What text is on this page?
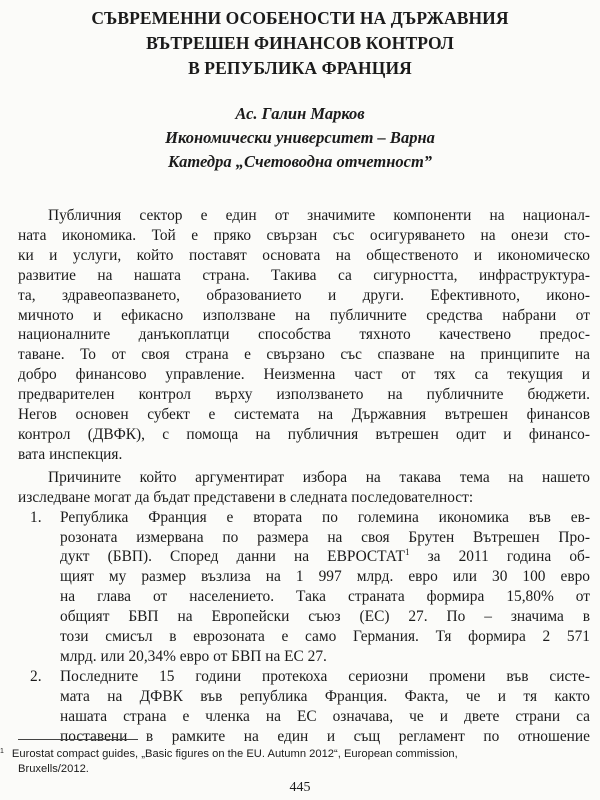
СЪВРЕМЕННИ ОСОБЕНОСТИ НА ДЪРЖАВНИЯ
ВЪТРЕШЕН ФИНАНСОВ КОНТРОЛ
В РЕПУБЛИКА ФРАНЦИЯ
Ас. Галин Марков
Икономически университет – Варна
Катедра „Счетоводна отчетност”
Публичния сектор е един от значимите компоненти на национал-
ната икономика. Той е пряко свързан със осигуряването на онези сто-
ки и услуги, който поставят основата на общественото и икономическо
развитие на нашата страна. Такива са сигурността, инфраструктура-
та, здравеопазването, образованието и други. Ефективното, иконо-
мичното и ефикасно използване на публичните средства набрани от
националните данъкоплатци способства тяхното качествено предос-
таване. То от своя страна е свързано със спазване на принципите на
добро финансово управление. Неизменна част от тях са текущия и
предварителен контрол върху използването на публичните бюджети.
Негов основен субект е системата на Държавния вътрешен финансов
контрол (ДВФК), с помоща на публичния вътрешен одит и финансо-
вата инспекция.
Причините който аргументират избора на такава тема на нашето
изследване могат да бъдат представени в следната последователност:
1. Република Франция е втората по големина икономика във ев-
розоната измервана по размера на своя Брутен Вътрешен Про-
дукт (БВП). Според данни на ЕВРОСТАТ$^1$ за 2011 година об-
щият му размер възлиза на 1 997 млрд. евро или 30 100 евро
на глава от населението. Така страната формира 15,80% от
общият БВП на Европейски съюз (ЕС) 27. По – значима в
този смисъл в еврозоната е само Германия. Тя формира 2 571
млрд. или 20,34% евро от БВП на ЕС 27.
2. Последните 15 години протекоха сериозни промени във систе-
мата на ДФВК във република Франция. Факта, че и тя както
нашата страна е членка на ЕС означава, че и двете страни са
поставени в рамките на един и същ регламент по отношение
$^1$ Eurostat compact guides, „Basic figures on the EU. Autumn 2012“, European commission,
Bruxells/2012.
445
